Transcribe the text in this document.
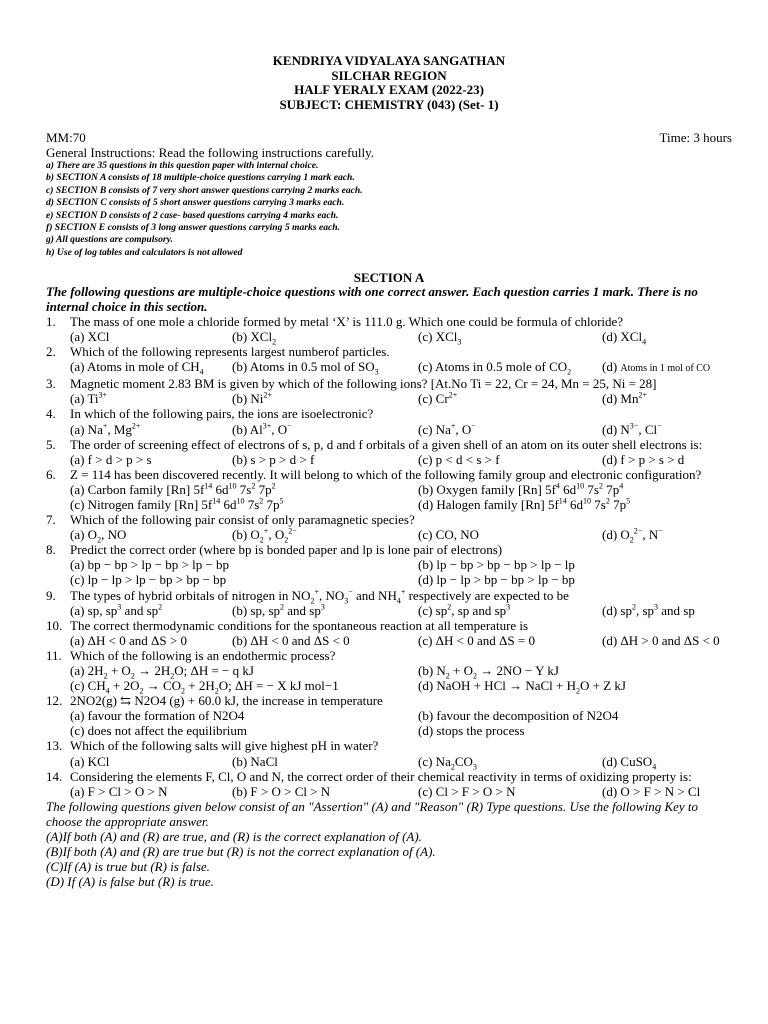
KENDRIYA VIDYALAYA SANGATHAN
SILCHAR REGION
HALF YERALY EXAM (2022-23)
SUBJECT: CHEMISTRY (043) (Set- 1)
MM:70	Time: 3 hours
General Instructions: Read the following instructions carefully.
a) There are 35 questions in this question paper with internal choice.
b) SECTION A consists of 18 multiple-choice questions carrying 1 mark each.
c) SECTION B consists of 7 very short answer questions carrying 2 marks each.
d) SECTION C consists of 5 short answer questions carrying 3 marks each.
e) SECTION D consists of 2 case- based questions carrying 4 marks each.
f) SECTION E consists of 3 long answer questions carrying 5 marks each.
g) All questions are compulsory.
h) Use of log tables and calculators is not allowed
SECTION A
The following questions are multiple-choice questions with one correct answer. Each question carries 1 mark. There is no internal choice in this section.
1.	The mass of one mole a chloride formed by metal ‘X’ is 111.0 g. Which one could be formula of chloride?
(a) XCl	(b) XCl$_2$	(c) XCl$_3$	(d) XCl$_4$
2.	Which of the following represents largest numberof particles.
(a) Atoms in mole of $CH_4$	(b) Atoms in 0.5 mol of $SO_3$	(c) Atoms in 0.5 mole of $CO_2$	(d) Atoms in 1 mol of CO
3.	Magnetic moment 2.83 BM is given by which of the following ions? [At.No Ti = 22, Cr = 24, Mn = 25, Ni = 28]
(a) $Ti^{3+}$	(b) $Ni^{2+}$	(c) $Cr^{2+}$	(d) $Mn^{2+}$
4.	In which of the following pairs, the ions are isoelectronic?
(a) Na+, $Mg^{2+}$	(b) $Al^{3+}$, O−	(c) Na+, O−	(d) $N^{3-}$, Cl−
5.	The order of screening effect of electrons of s, p, d and f orbitals of a given shell of an atom on its outer shell electrons is:
(a) f > d > p > s	(b) s > p > d > f	(c) p < d < s > f	(d) f > p > s > d
6.	Z = 114 has been discovered recently. It will belong to which of the following family group and electronic configuration?
(a) Carbon family [Rn] $5f^{14}$ $6d^{10}$ $7s^2$ $7p^2$	(b) Oxygen family [Rn] $5f^4$ $6d^{10}$ $7s^2$ $7p^4$
(c) Nitrogen family [Rn] $5f^{14}$ $6d^{10}$ $7s^2$ $7p^5$	(d) Halogen family [Rn] $5f^{14}$ $6d^{10}$ $7s^2$ $7p^5$
7.	Which of the following pair consist of only paramagnetic species?
(a) $O_2$, NO	(b) $O_2^+$, $O_2^{2-}$	(c) CO, NO	(d) $O_2^{2-}$, N−
8.	Predict the correct order (where bp is bonded paper and lp is lone pair of electrons)
(a) bp − bp > lp − bp > lp − bp	(b) lp − bp > bp − bp > lp − lp
(c) lp − lp > lp − bp > bp − bp	(d) lp − lp > bp − bp > lp − bp
9.	The types of hybrid orbitals of nitrogen in $NO_2^+$, $NO_3^-$ and $NH_4^+$ respectively are expected to be
(a) sp, $sp^3$ and $sp^2$	(b) sp, $sp^2$ and $sp^3$	(c) $sp^2$, sp and $sp^3$	(d) $sp^2$, $sp^3$ and sp
10. The correct thermodynamic conditions for the spontaneous reaction at all temperature is
(a) ΔH < 0 and ΔS > 0	(b) ΔH < 0 and ΔS < 0	(c) ΔH < 0 and ΔS = 0	(d) ΔH > 0 and ΔS < 0
11. Which of the following is an endothermic process?
(a) $2H_2 + O_2 \to 2H_2O$; ΔH = − q kJ	(b) $N_2 + O_2 \to 2NO - Y$ kJ
(c) $CH_4 + 2O_2 \to CO_2 + 2H_2O$; ΔH = − X kJ mol−1	(d) NaOH + HCl → NaCl + $H_2O + Z$ kJ
12. 2NO2(g) ⇆ N2O4 (g) + 60.0 kJ, the increase in temperature
(a) favour the formation of N2O4	(b) favour the decomposition of N2O4
(c) does not affect the equilibrium	(d) stops the process
13. Which of the following salts will give highest pH in water?
(a) KCl	(b) NaCl	(c) $Na_2CO_3$	(d) CuSO$_4$
14. Considering the elements F, Cl, O and N, the correct order of their chemical reactivity in terms of oxidizing property is:
(a) F > Cl > O > N	(b) F > O > Cl > N	(c) Cl > F > O > N	(d) O > F > N > Cl
The following questions given below consist of an "Assertion" (A) and "Reason" (R) Type questions. Use the following Key to choose the appropriate answer.
(A)If both (A) and (R) are true, and (R) is the correct explanation of (A).
(B)If both (A) and (R) are true but (R) is not the correct explanation of (A).
(C)If (A) is true but (R) is false.
(D) If (A) is false but (R) is true.
